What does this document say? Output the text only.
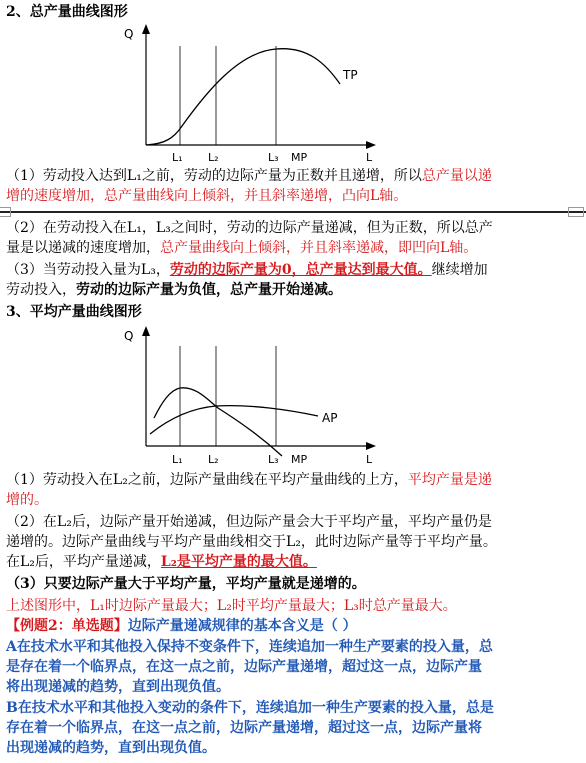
2、总产量曲线图形
Q
TP
L₁ L₂	L₃ MP	L
（1）劳动投入达到L₁之前，劳动的边际产量为正数并且递增，所以总产量以递
增的速度增加，总产量曲线向上倾斜，并且斜率递增，凸向L轴。
（2）在劳动投入在L₁，L₃之间时，劳动的边际产量递减，但为正数，所以总产
量是以递减的速度增加，总产量曲线向上倾斜，并且斜率递减，即凹向L轴。
（3）当劳动投入量为L₃，劳动的边际产量为0，总产量达到最大值。继续增加
劳动投入，劳动的边际产量为负值，总产量开始递减。
3、平均产量曲线图形
Q
AP
L₁ L₂	L₃ MP	L
（1）劳动投入在L₂之前，边际产量曲线在平均产量曲线的上方，平均产量是递
增的。
（2）在L₂后，边际产量开始递减，但边际产量会大于平均产量，平均产量仍是
递增的。边际产量曲线与平均产量曲线相交于L₂，此时边际产量等于平均产量。
在L₂后，平均产量递减，L₂是平均产量的最大值。
（3）只要边际产量大于平均产量，平均产量就是递增的。
上述图形中，L₁时边际产量最大；L₂时平均产量最大；L₃时总产量最大。
【例题2：单选题】边际产量递减规律的基本含义是（ ）
A在技术水平和其他投入保持不变条件下，连续追加一种生产要素的投入量，总
是存在着一个临界点，在这一点之前，边际产量递增，超过这一点，边际产量
将出现递减的趋势，直到出现负值。
B在技术水平和其他投入变动的条件下，连续追加一种生产要素的投入量，总是
存在着一个临界点，在这一点之前，边际产量递增，超过这一点，边际产量将
出现递减的趋势，直到出现负值。
